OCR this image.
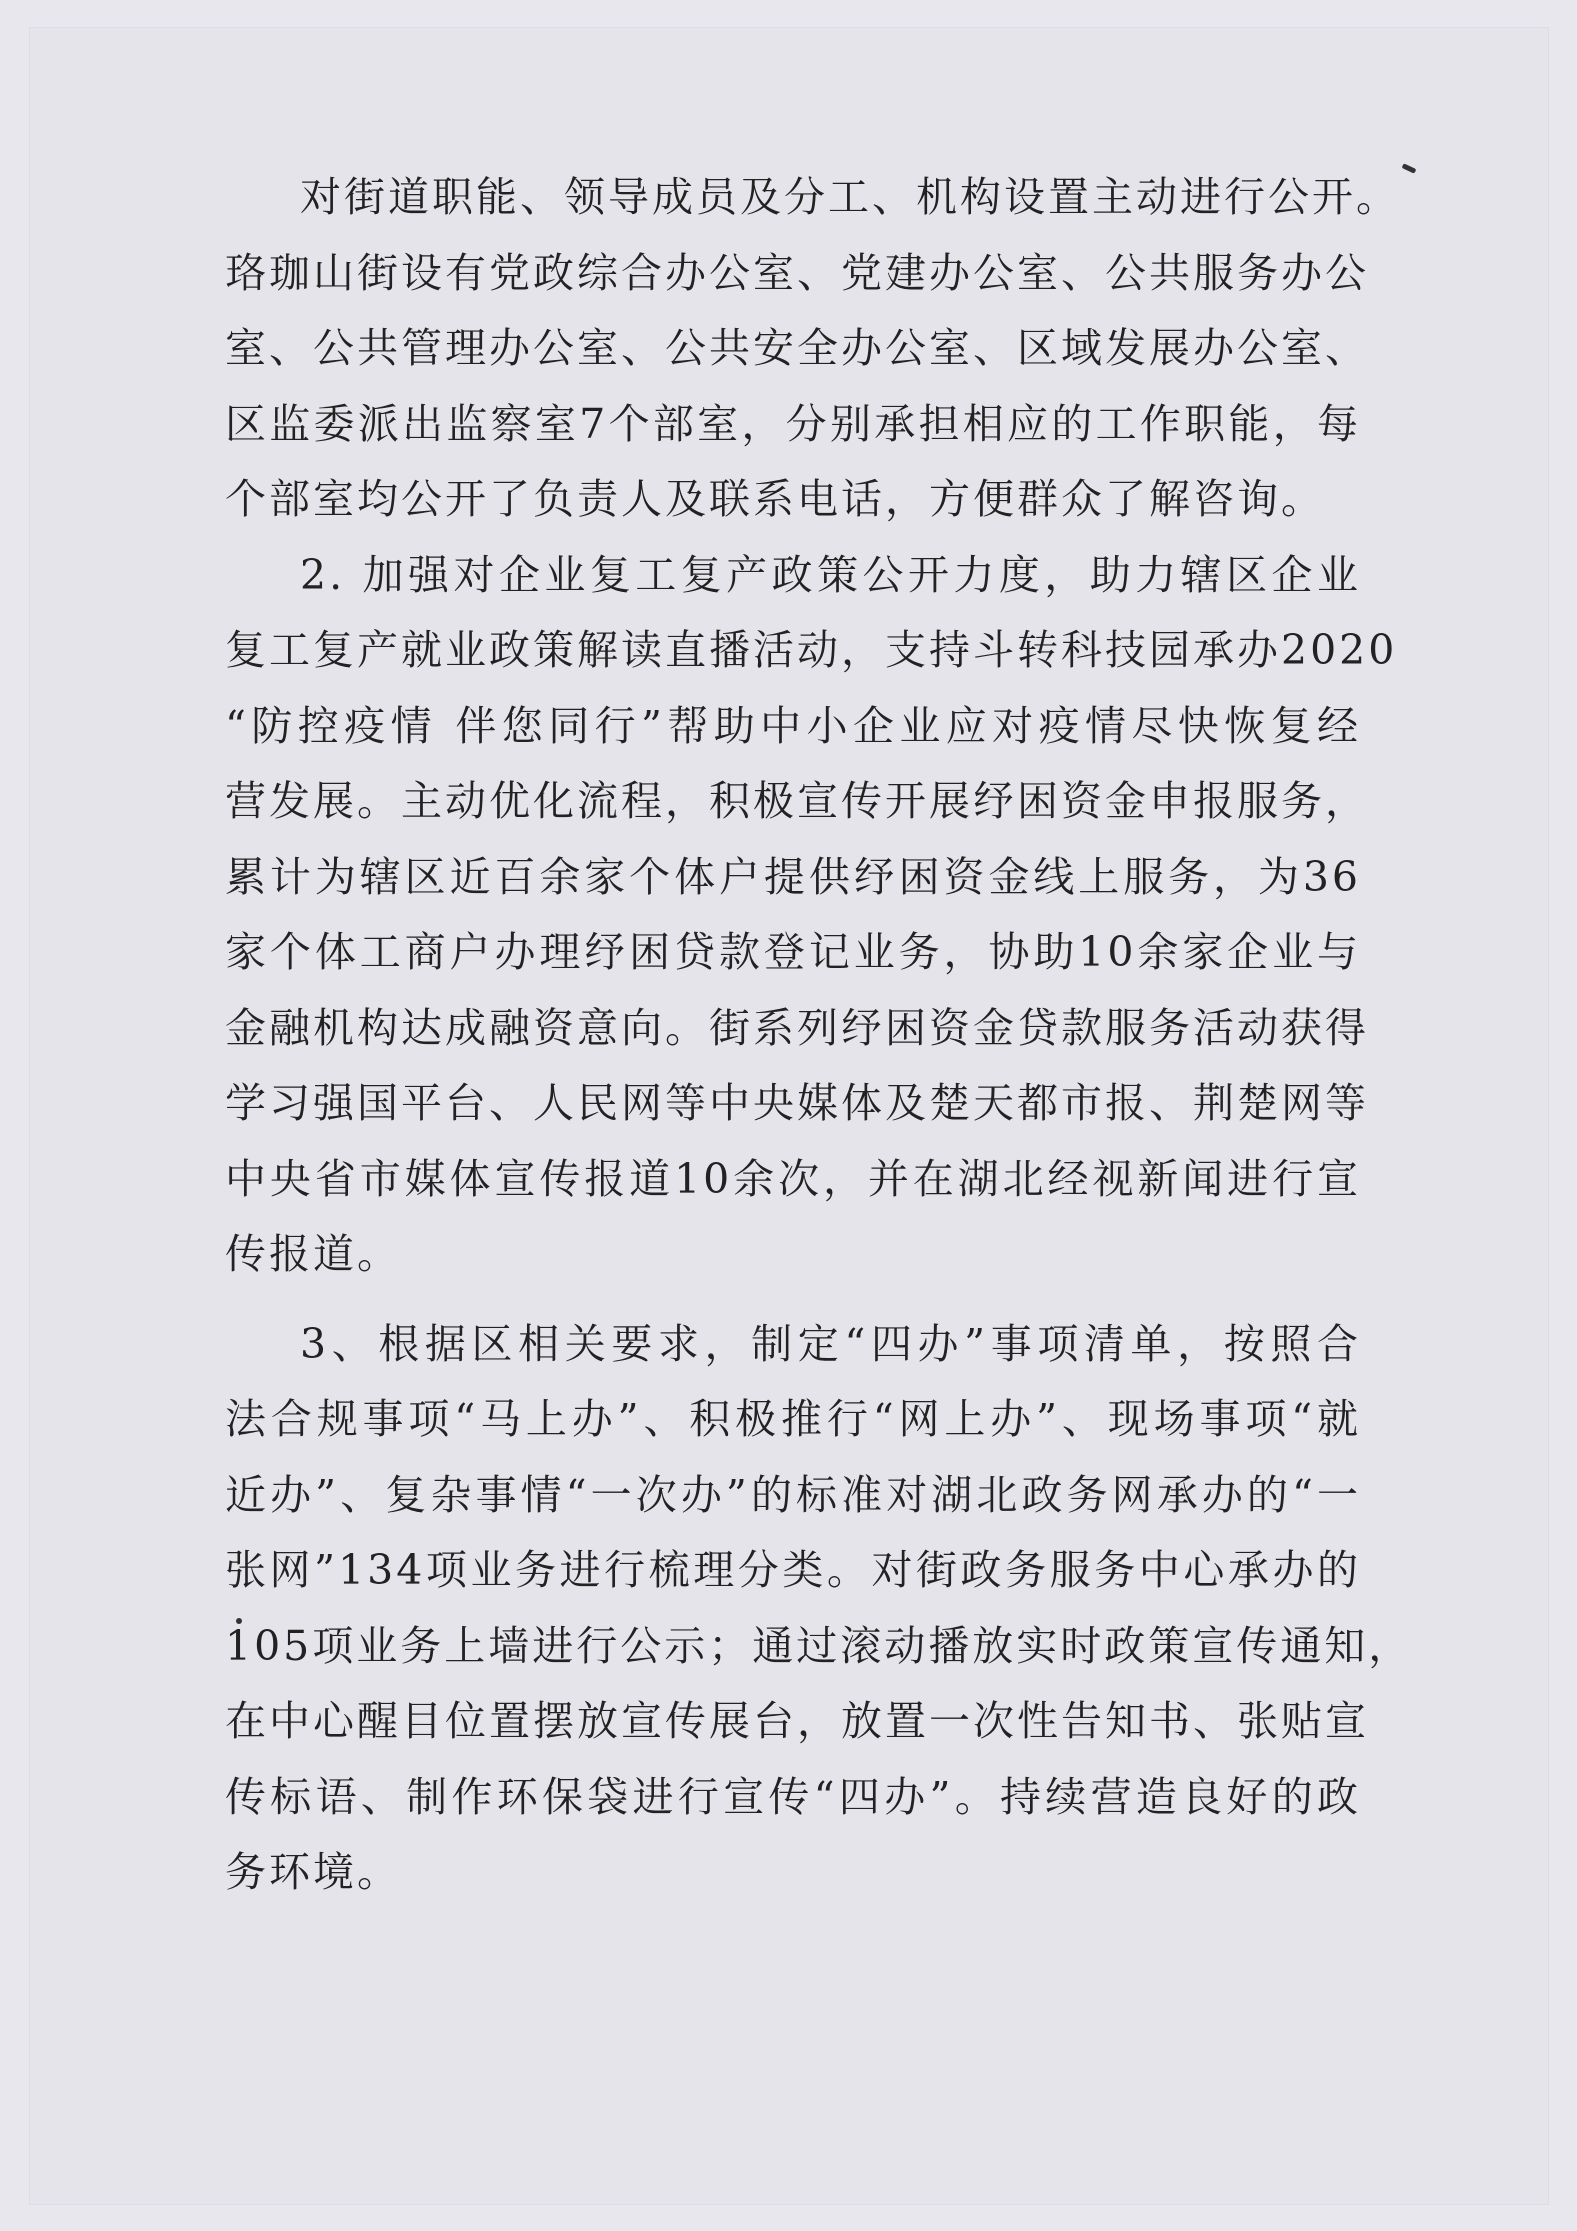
对街道职能、领导成员及分工、机构设置主动进行公开。
珞珈山街设有党政综合办公室、党建办公室、公共服务办公
室、公共管理办公室、公共安全办公室、区域发展办公室、
区监委派出监察室7个部室，分别承担相应的工作职能，每
个部室均公开了负责人及联系电话，方便群众了解咨询。
2. 加强对企业复工复产政策公开力度，助力辖区企业
复工复产就业政策解读直播活动，支持斗转科技园承办2020
“防控疫情 伴您同行”帮助中小企业应对疫情尽快恢复经
营发展。主动优化流程，积极宣传开展纾困资金申报服务，
累计为辖区近百余家个体户提供纾困资金线上服务，为36
家个体工商户办理纾困贷款登记业务，协助10余家企业与
金融机构达成融资意向。街系列纾困资金贷款服务活动获得
学习强国平台、人民网等中央媒体及楚天都市报、荆楚网等
中央省市媒体宣传报道10余次，并在湖北经视新闻进行宣
传报道。
3、根据区相关要求，制定“四办”事项清单，按照合
法合规事项“马上办”、积极推行“网上办”、现场事项“就
近办”、复杂事情“一次办”的标准对湖北政务网承办的“一
张网”134项业务进行梳理分类。对街政务服务中心承办的
105项业务上墙进行公示；通过滚动播放实时政策宣传通知，
在中心醒目位置摆放宣传展台，放置一次性告知书、张贴宣
传标语、制作环保袋进行宣传“四办”。持续营造良好的政
务环境。
